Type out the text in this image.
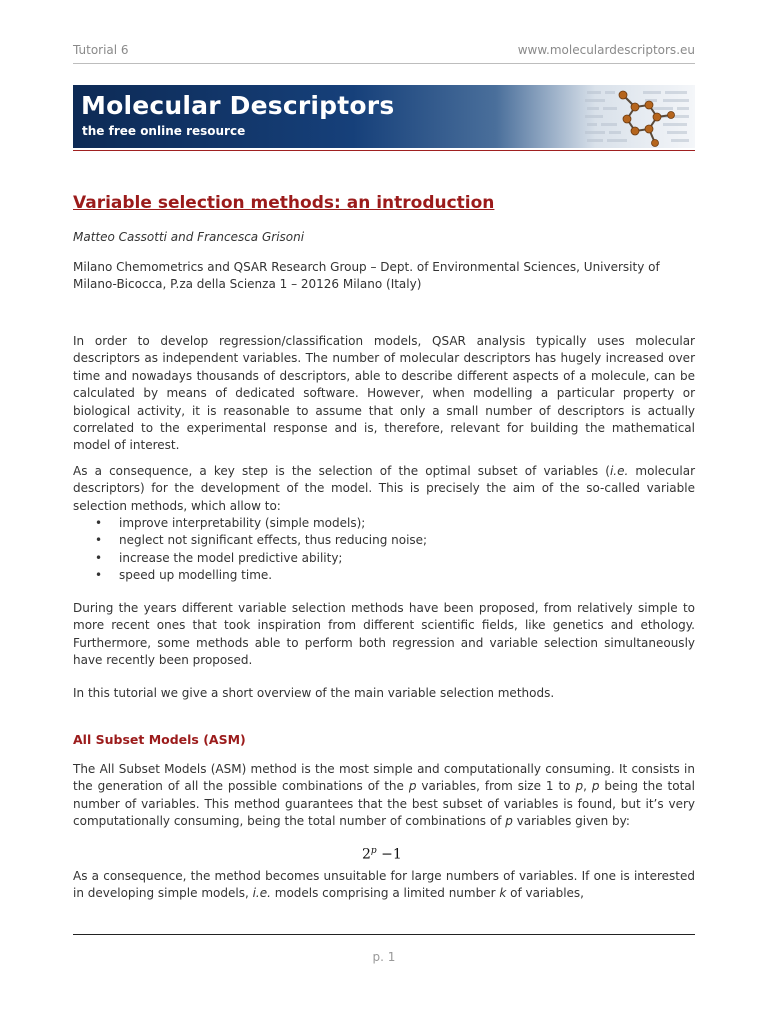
Tutorial 6	www.moleculardescriptors.eu
Molecular Descriptors
the free online resource
Variable selection methods: an introduction
Matteo Cassotti and Francesca Grisoni
Milano Chemometrics and QSAR Research Group – Dept. of Environmental Sciences, University of Milano-Bicocca, P.za della Scienza 1 – 20126 Milano (Italy)

In order to develop regression/classification models, QSAR analysis typically uses molecular descriptors as independent variables. The number of molecular descriptors has hugely increased over time and nowadays thousands of descriptors, able to describe different aspects of a molecule, can be calculated by means of dedicated software. However, when modelling a particular property or biological activity, it is reasonable to assume that only a small number of descriptors is actually correlated to the experimental response and is, therefore, relevant for building the mathematical model of interest.

As a consequence, a key step is the selection of the optimal subset of variables (i.e. molecular descriptors) for the development of the model. This is precisely the aim of the so-called variable selection methods, which allow to:

• improve interpretability (simple models);
• neglect not significant effects, thus reducing noise;
• increase the model predictive ability;
• speed up modelling time.

During the years different variable selection methods have been proposed, from relatively simple to more recent ones that took inspiration from different scientific fields, like genetics and ethology. Furthermore, some methods able to perform both regression and variable selection simultaneously have recently been proposed.

In this tutorial we give a short overview of the main variable selection methods.

All Subset Models (ASM)

The All Subset Models (ASM) method is the most simple and computationally consuming. It consists in the generation of all the possible combinations of the p variables, from size 1 to p, p being the total number of variables. This method guarantees that the best subset of variables is found, but it’s very computationally consuming, being the total number of combinations of p variables given by:

$2^p -1$

As a consequence, the method becomes unsuitable for large numbers of variables. If one is interested in developing simple models, i.e. models comprising a limited number k of variables,

p. 1
